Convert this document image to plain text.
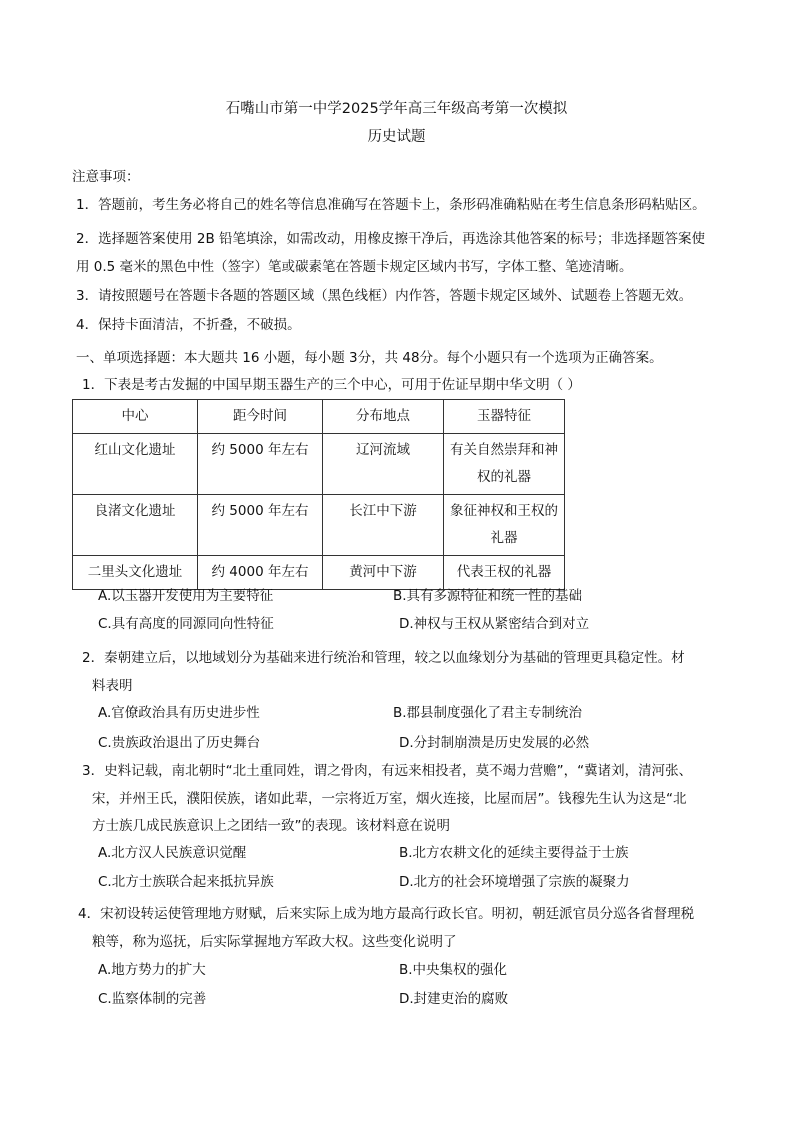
石嘴山市第一中学2025学年高三年级高考第一次模拟
历史试题
注意事项：
1．答题前，考生务必将自己的姓名等信息准确写在答题卡上，条形码准确粘贴在考生信息条形码粘贴区。
2．选择题答案使用 2B 铅笔填涂，如需改动，用橡皮擦干净后，再选涂其他答案的标号；非选择题答案使
用 0.5 毫米的黑色中性（签字）笔或碳素笔在答题卡规定区域内书写，字体工整、笔迹清晰。
3．请按照题号在答题卡各题的答题区域（黑色线框）内作答，答题卡规定区域外、试题卷上答题无效。
4．保持卡面清洁，不折叠，不破损。
一、单项选择题：本大题共 16 小题，每小题 3分，共 48分。每个小题只有一个选项为正确答案。
1．下表是考古发掘的中国早期玉器生产的三个中心，可用于佐证早期中华文明（ ）
中心	距今时间	分布地点	玉器特征
红山文化遗址	约 5000 年左右	辽河流域	有关自然崇拜和神权的礼器
良渚文化遗址	约 5000 年左右	长江中下游	象征神权和王权的礼器
二里头文化遗址	约 4000 年左右	黄河中下游	代表王权的礼器
A.以玉器开发使用为主要特征	B.具有多源特征和统一性的基础
C.具有高度的同源同向性特征	D.神权与王权从紧密结合到对立
2．秦朝建立后，以地域划分为基础来进行统治和管理，较之以血缘划分为基础的管理更具稳定性。材
料表明
A.官僚政治具有历史进步性	B.郡县制度强化了君主专制统治
C.贵族政治退出了历史舞台	D.分封制崩溃是历史发展的必然
3．史料记载，南北朝时“北土重同姓，谓之骨肉，有远来相投者，莫不竭力营赡”，“冀诸刘，清河张、
宋，并州王氏，濮阳侯族，诸如此辈，一宗将近万室，烟火连接，比屋而居”。钱穆先生认为这是“北
方士族几成民族意识上之团结一致”的表现。该材料意在说明
A.北方汉人民族意识觉醒	B.北方农耕文化的延续主要得益于士族
C.北方士族联合起来抵抗异族	D.北方的社会环境增强了宗族的凝聚力
4．宋初设转运使管理地方财赋，后来实际上成为地方最高行政长官。明初，朝廷派官员分巡各省督理税
粮等，称为巡抚，后实际掌握地方军政大权。这些变化说明了
A.地方势力的扩大	B.中央集权的强化
C.监察体制的完善	D.封建吏治的腐败
